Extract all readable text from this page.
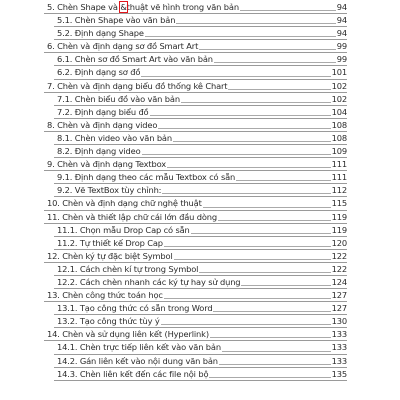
5. Chèn Shape và &thuật vẽ hình trong văn bản	94
5.1. Chèn Shape vào văn bản	94
5.2. Định dạng Shape	94
6. Chèn và định dạng sơ đồ Smart Art	99
6.1. Chèn sơ đồ Smart Art vào văn bản	99
6.2. Định dạng sơ đồ	101
7. Chèn và định dạng biểu đồ thống kê Chart	102
7.1. Chèn biểu đồ vào văn bản	102
7.2. Định dạng biểu đồ	104
8. Chèn và định dạng video	108
8.1. Chèn video vào văn bản	108
8.2. Định dạng video	109
9. Chèn và định dạng Textbox	111
9.1. Định dạng theo các mẫu Textbox có sẵn	111
9.2. Vẽ TextBox tùy chỉnh:	112
10. Chèn và định dạng chữ nghệ thuật	115
11. Chèn và thiết lập chữ cái lớn đầu dòng	119
11.1. Chọn mẫu Drop Cap có sẵn	119
11.2. Tự thiết kế Drop Cap	120
12. Chèn ký tự đặc biệt Symbol	122
12.1. Cách chèn kí tự trong Symbol	122
12.2. Cách chèn nhanh các ký tự hay sử dụng	124
13. Chèn công thức toán học	127
13.1. Tạo công thức có sẵn trong Word	127
13.2. Tạo công thức tùy ý	130
14. Chèn và sử dụng liên kết (Hyperlink)	133
14.1. Chèn trực tiếp liên kết vào văn bản	133
14.2. Gán liên kết vào nội dung văn bản	133
14.3. Chèn liên kết đến các file nội bộ	135
